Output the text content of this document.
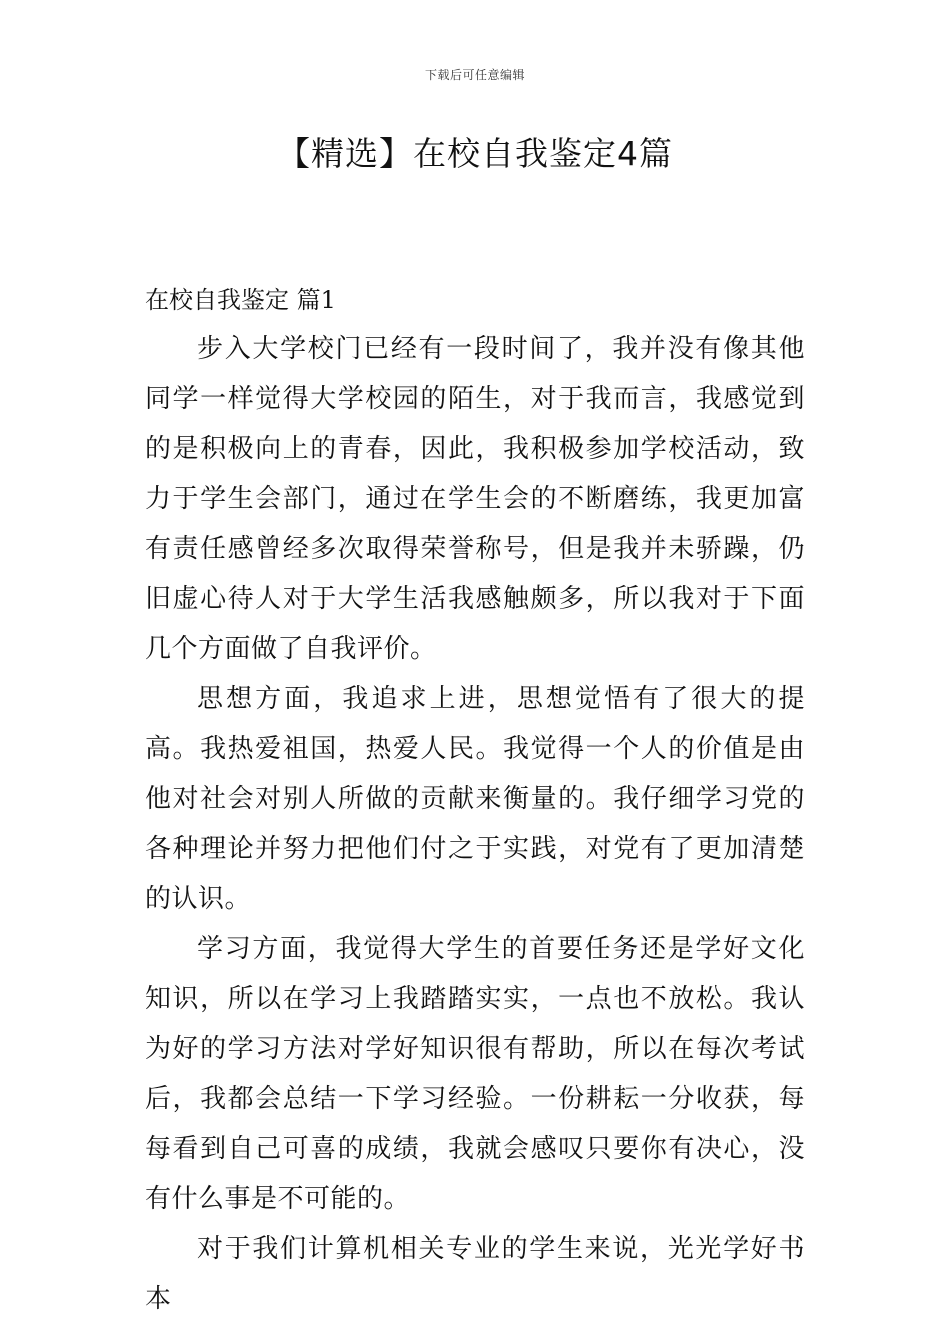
下载后可任意编辑
【精选】在校自我鉴定4篇

在校自我鉴定 篇1

步入大学校门已经有一段时间了，我并没有像其他同学一样觉得大学校园的陌生，对于我而言，我感觉到的是积极向上的青春，因此，我积极参加学校活动，致力于学生会部门，通过在学生会的不断磨练，我更加富有责任感曾经多次取得荣誉称号，但是我并未骄躁，仍旧虚心待人对于大学生活我感触颇多，所以我对于下面几个方面做了自我评价。

思想方面，我追求上进，思想觉悟有了很大的提高。我热爱祖国，热爱人民。我觉得一个人的价值是由他对社会对别人所做的贡献来衡量的。我仔细学习党的各种理论并努力把他们付之于实践，对党有了更加清楚的认识。

学习方面，我觉得大学生的首要任务还是学好文化知识，所以在学习上我踏踏实实，一点也不放松。我认为好的学习方法对学好知识很有帮助，所以在每次考试后，我都会总结一下学习经验。一份耕耘一分收获，每每看到自己可喜的成绩，我就会感叹只要你有决心，没有什么事是不可能的。

对于我们计算机相关专业的学生来说，光光学好书本
